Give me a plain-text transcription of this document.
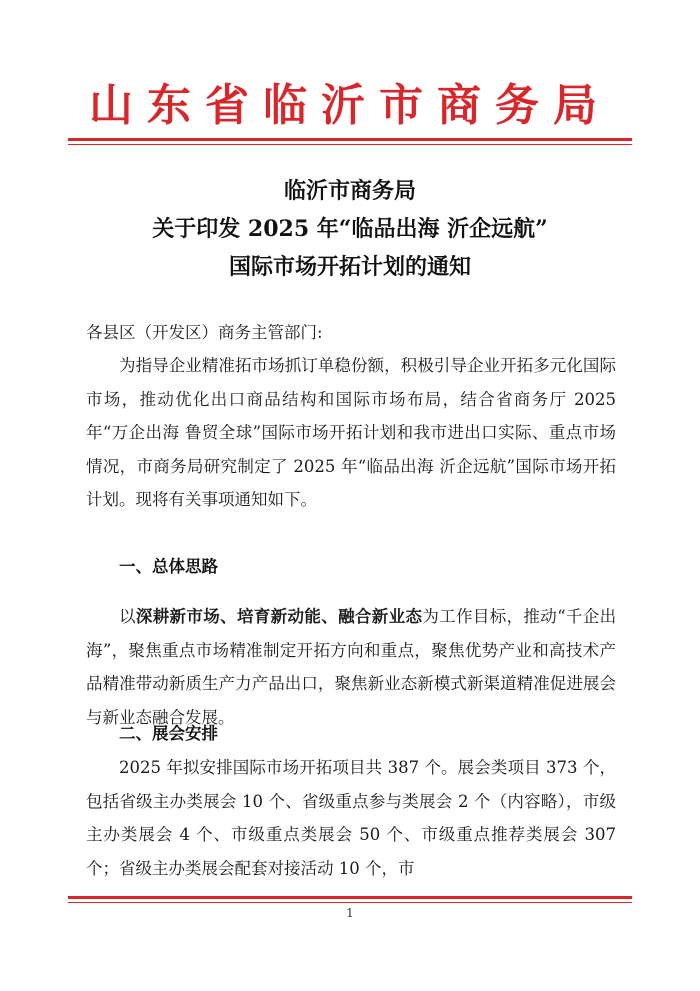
山东省临沂市商务局
临沂市商务局
关于印发 2025 年“临品出海 沂企远航”
国际市场开拓计划的通知
各县区（开发区）商务主管部门:
为指导企业精准拓市场抓订单稳份额，积极引导企业开拓多元化国际市场，推动优化出口商品结构和国际市场布局，结合省商务厅 2025 年“万企出海 鲁贸全球”国际市场开拓计划和我市进出口实际、重点市场情况，市商务局研究制定了 2025 年“临品出海 沂企远航”国际市场开拓计划。现将有关事项通知如下。
一、总体思路
以深耕新市场、培育新动能、融合新业态为工作目标，推动“千企出海”，聚焦重点市场精准制定开拓方向和重点，聚焦优势产业和高技术产品精准带动新质生产力产品出口，聚焦新业态新模式新渠道精准促进展会与新业态融合发展。
二、展会安排
2025 年拟安排国际市场开拓项目共 387 个。展会类项目 373 个，包括省级主办类展会 10 个、省级重点参与类展会 2 个（内容略），市级主办类展会 4 个、市级重点类展会 50 个、市级重点推荐类展会 307 个；省级主办类展会配套对接活动 10 个，市
1
